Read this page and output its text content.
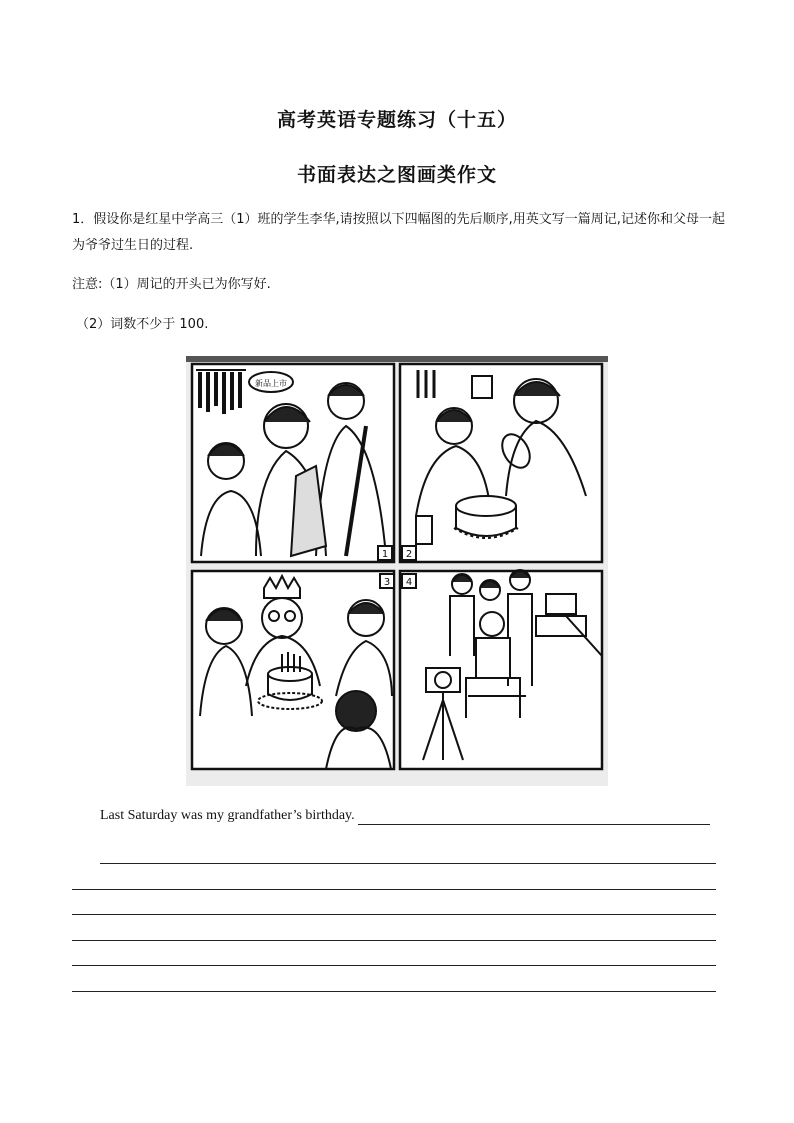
高考英语专题练习（十五）
书面表达之图画类作文
1．假设你是红星中学高三（1）班的学生李华,请按照以下四幅图的先后顺序,用英文写一篇周记,记述你和父母一起为爷爷过生日的过程.
注意:（1）周记的开头已为你写好.
（2）词数不少于 100.
新品上市
1 2
3 4
Last Saturday was my grandfather’s birthday.
